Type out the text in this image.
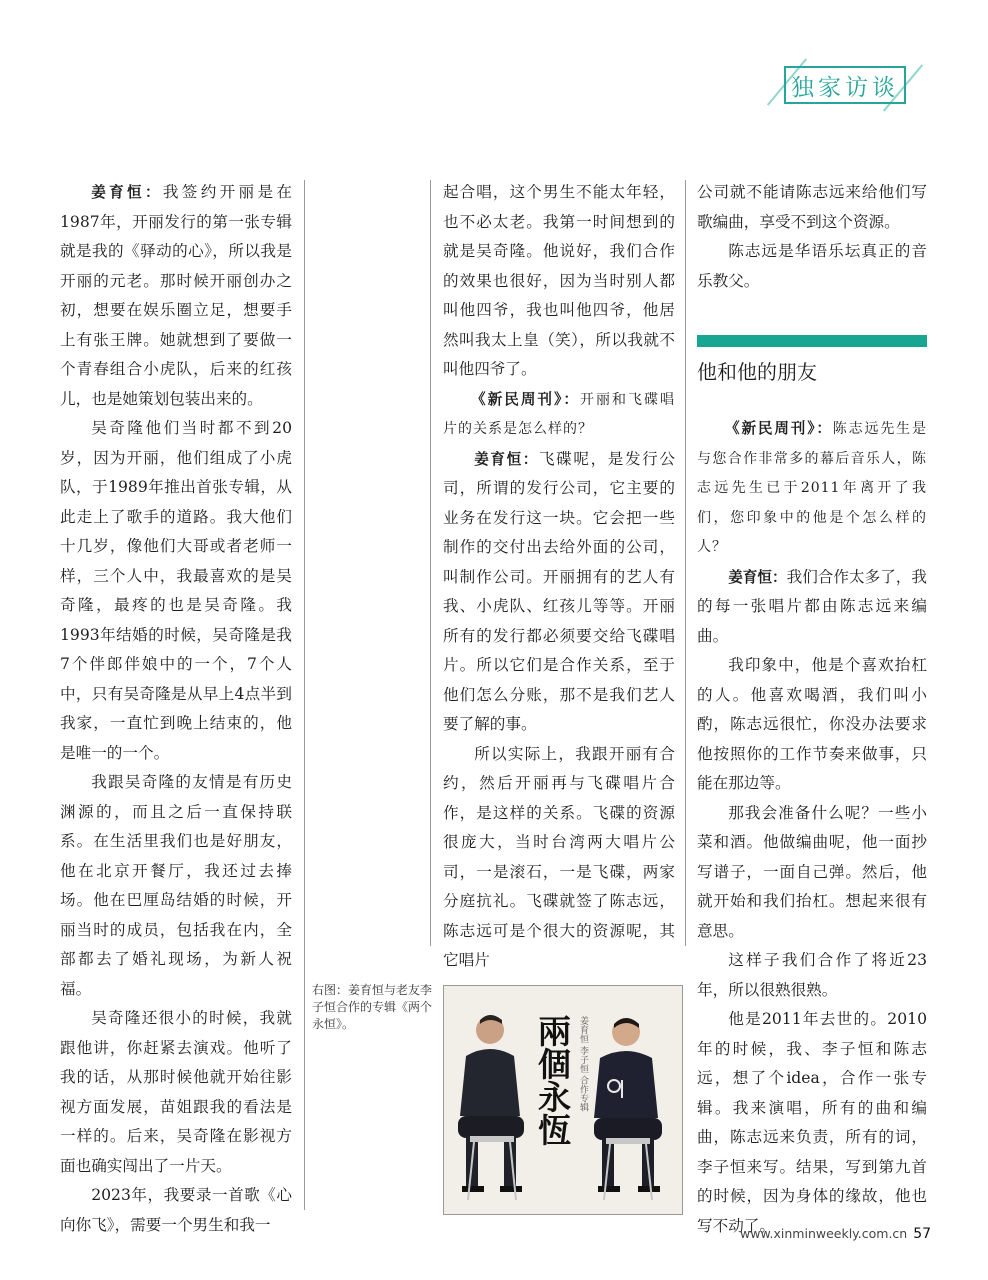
独家访谈

姜育恒：我签约开丽是在1987年，开丽发行的第一张专辑就是我的《驿动的心》，所以我是开丽的元老。那时候开丽创办之初，想要在娱乐圈立足，想要手上有张王牌。她就想到了要做一个青春组合小虎队，后来的红孩儿，也是她策划包装出来的。

吴奇隆他们当时都不到20岁，因为开丽，他们组成了小虎队，于1989年推出首张专辑，从此走上了歌手的道路。我大他们十几岁，像他们大哥或者老师一样，三个人中，我最喜欢的是吴奇隆，最疼的也是吴奇隆。我1993年结婚的时候，吴奇隆是我7个伴郎伴娘中的一个，7个人中，只有吴奇隆是从早上4点半到我家，一直忙到晚上结束的，他是唯一的一个。

我跟吴奇隆的友情是有历史渊源的，而且之后一直保持联系。在生活里我们也是好朋友，他在北京开餐厅，我还过去捧场。他在巴厘岛结婚的时候，开丽当时的成员，包括我在内，全部都去了婚礼现场，为新人祝福。

吴奇隆还很小的时候，我就跟他讲，你赶紧去演戏。他听了我的话，从那时候他就开始往影视方面发展，苗姐跟我的看法是一样的。后来，吴奇隆在影视方面也确实闯出了一片天。

2023年，我要录一首歌《心向你飞》，需要一个男生和我一

起合唱，这个男生不能太年轻，也不必太老。我第一时间想到的就是吴奇隆。他说好，我们合作的效果也很好，因为当时别人都叫他四爷，我也叫他四爷，他居然叫我太上皇（笑），所以我就不叫他四爷了。

《新民周刊》：开丽和飞碟唱片的关系是怎么样的？

姜育恒：飞碟呢，是发行公司，所谓的发行公司，它主要的业务在发行这一块。它会把一些制作的交付出去给外面的公司，叫制作公司。开丽拥有的艺人有我、小虎队、红孩儿等等。开丽所有的发行都必须要交给飞碟唱片。所以它们是合作关系，至于他们怎么分账，那不是我们艺人要了解的事。

所以实际上，我跟开丽有合约，然后开丽再与飞碟唱片合作，是这样的关系。飞碟的资源很庞大，当时台湾两大唱片公司，一是滚石，一是飞碟，两家分庭抗礼。飞碟就签了陈志远，陈志远可是个很大的资源呢，其它唱片

公司就不能请陈志远来给他们写歌编曲，享受不到这个资源。

陈志远是华语乐坛真正的音乐教父。

他和他的朋友

《新民周刊》：陈志远先生是与您合作非常多的幕后音乐人，陈志远先生已于2011年离开了我们，您印象中的他是个怎么样的人？

姜育恒：我们合作太多了，我的每一张唱片都由陈志远来编曲。

我印象中，他是个喜欢抬杠的人。他喜欢喝酒，我们叫小酌，陈志远很忙，你没办法要求他按照你的工作节奏来做事，只能在那边等。

那我会准备什么呢？一些小菜和酒。他做编曲呢，他一面抄写谱子，一面自己弹。然后，他就开始和我们抬杠。想起来很有意思。

这样子我们合作了将近23年，所以很熟很熟。

他是2011年去世的。2010年的时候，我、李子恒和陈志远，想了个idea，合作一张专辑。我来演唱，所有的曲和编曲，陈志远来负责，所有的词，李子恒来写。结果，写到第九首的时候，因为身体的缘故，他也写不动了。

右图：姜育恒与老友李子恒合作的专辑《两个永恒》。	兩個永恆 姜育恒 李子恒 合作专辑
www.xinminweekly.com.cn 57
